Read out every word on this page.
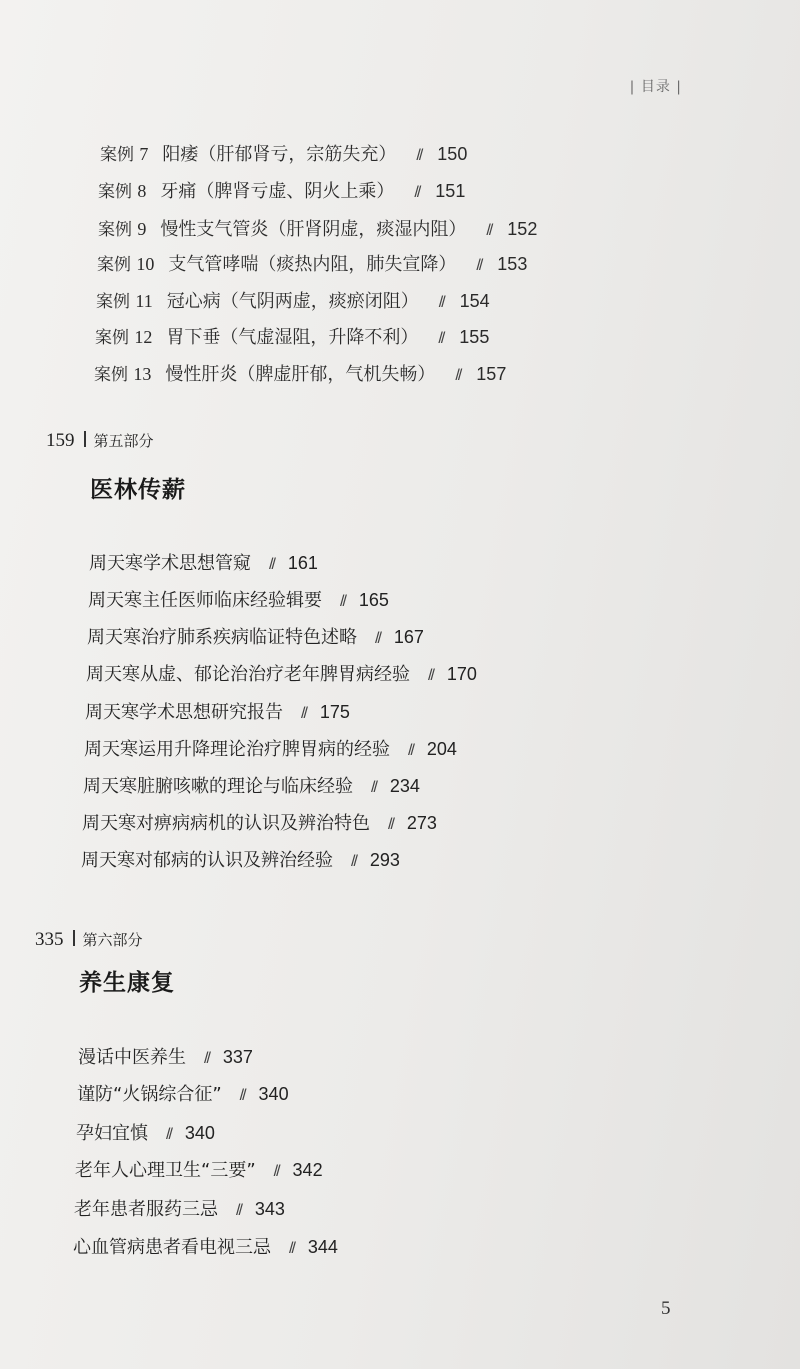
| 目录 |
案例 7 阳痿（肝郁肾亏，宗筋失充） // 150
案例 8 牙痛（脾肾亏虚、阴火上乘） // 151
案例 9 慢性支气管炎（肝肾阴虚，痰湿内阻） // 152
案例 10 支气管哮喘（痰热内阻，肺失宣降） // 153
案例 11 冠心病（气阴两虚，痰瘀闭阻） // 154
案例 12 胃下垂（气虚湿阻，升降不利） // 155
案例 13 慢性肝炎（脾虚肝郁，气机失畅） // 157
159 第五部分
医林传薪
周天寒学术思想管窥 // 161
周天寒主任医师临床经验辑要 // 165
周天寒治疗肺系疾病临证特色述略 // 167
周天寒从虚、郁论治治疗老年脾胃病经验 // 170
周天寒学术思想研究报告 // 175
周天寒运用升降理论治疗脾胃病的经验 // 204
周天寒脏腑咳嗽的理论与临床经验 // 234
周天寒对痹病病机的认识及辨治特色 // 273
周天寒对郁病的认识及辨治经验 // 293
335 第六部分
养生康复
漫话中医养生 // 337
谨防“火锅综合征” // 340
孕妇宜慎 // 340
老年人心理卫生“三要” // 342
老年患者服药三忌 // 343
心血管病患者看电视三忌 // 344
5
